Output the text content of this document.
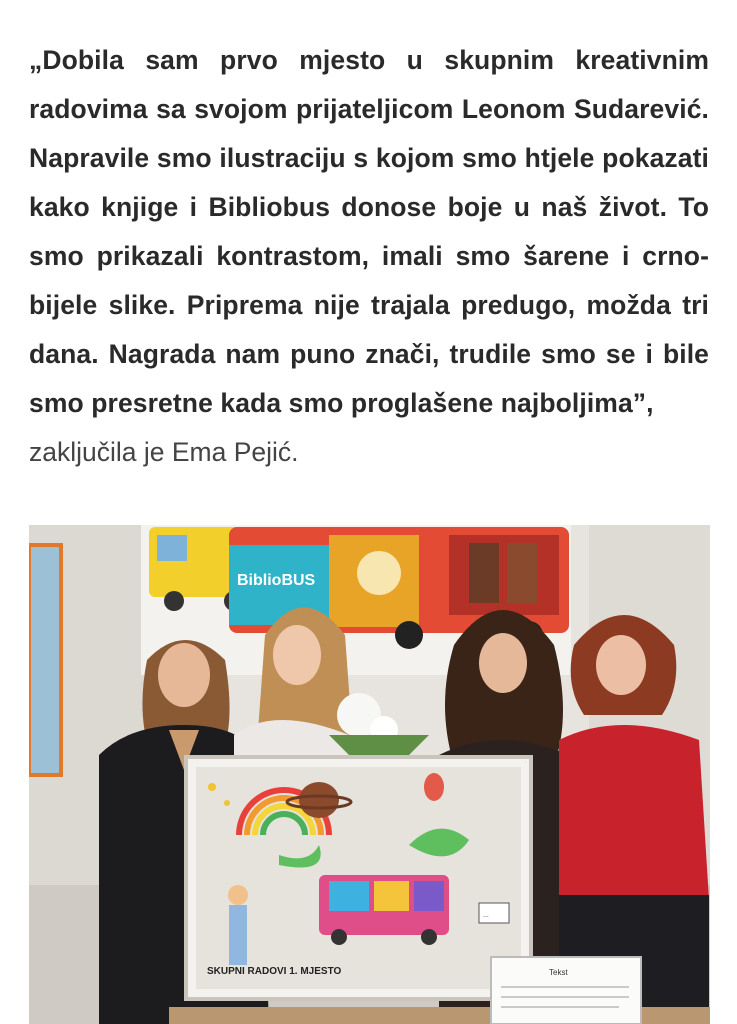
„Dobila sam prvo mjesto u skupnim kreativnim radovima sa svojom prijateljicom Leonom Sudarević. Napravile smo ilustraciju s kojom smo htjele pokazati kako knjige i Bibliobus donose boje u naš život. To smo prikazali kontrastom, imali smo šarene i crno-bijele slike. Priprema nije trajala predugo, možda tri dana. Nagrada nam puno znači, trudile smo se i bile smo presretne kada smo proglašene najboljima”,

zaključila je Ema Pejić.

BiblioBUS
...
SKUPNI RADOVI 1. MJESTO	Tekst
